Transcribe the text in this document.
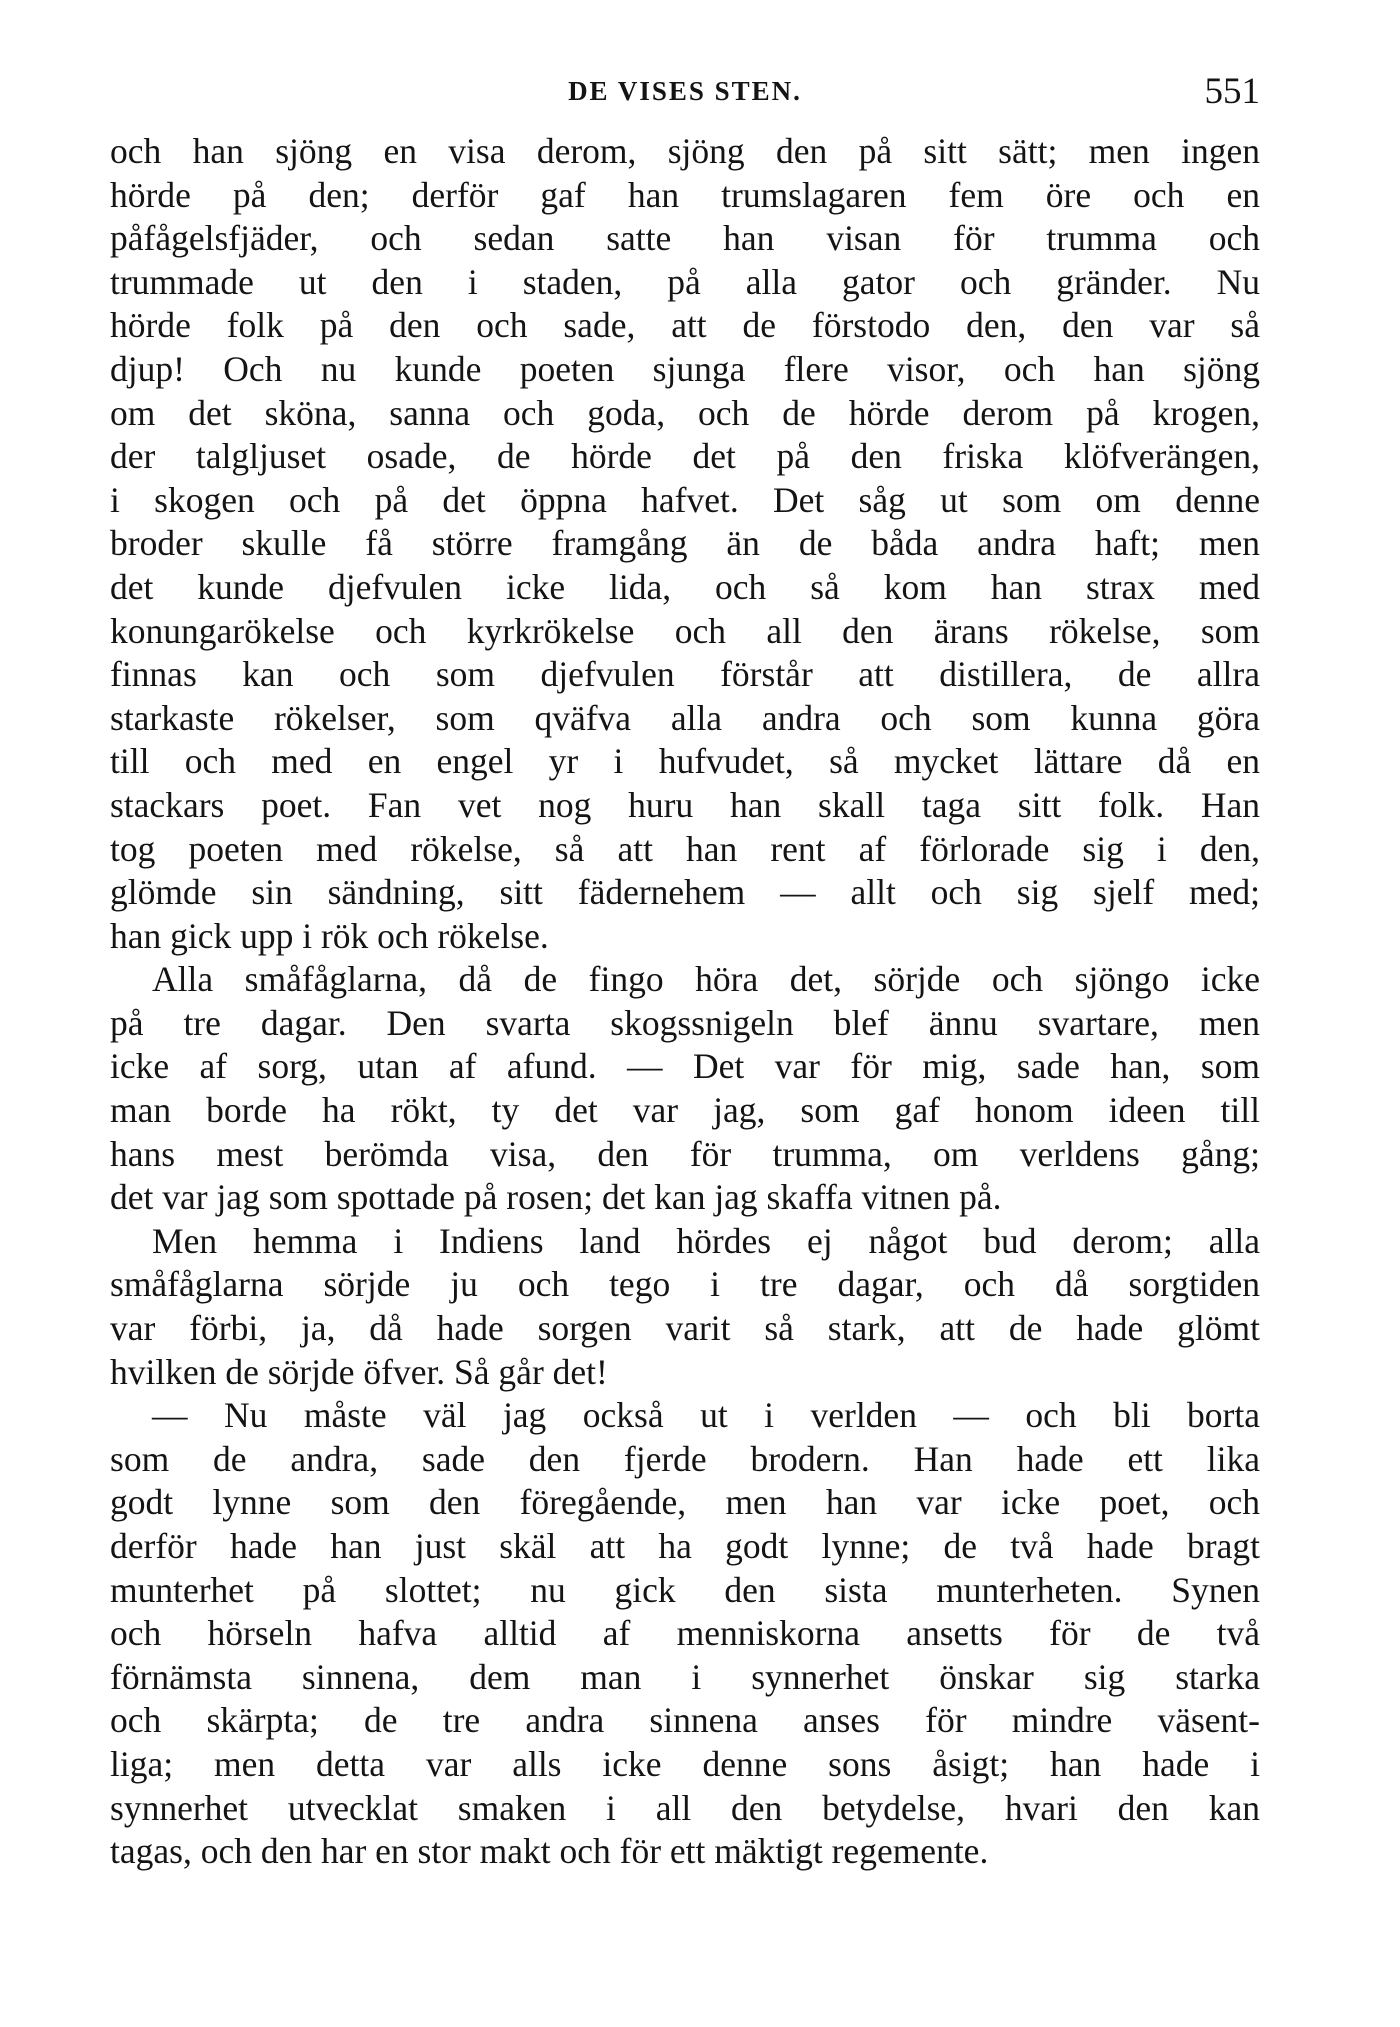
DE VISES STEN.	551
och han sjöng en visa derom, sjöng den på sitt sätt; men ingen
hörde på den; derför gaf han trumslagaren fem öre och en
påfågelsfjäder, och sedan satte han visan för trumma och
trummade ut den i staden, på alla gator och gränder. Nu
hörde folk på den och sade, att de förstodo den, den var så
djup! Och nu kunde poeten sjunga flere visor, och han sjöng
om det sköna, sanna och goda, och de hörde derom på krogen,
der talgljuset osade, de hörde det på den friska klöfverängen,
i skogen och på det öppna hafvet. Det såg ut som om denne
broder skulle få större framgång än de båda andra haft; men
det kunde djefvulen icke lida, och så kom han strax med
konungarökelse och kyrkrökelse och all den ärans rökelse, som
finnas kan och som djefvulen förstår att distillera, de allra
starkaste rökelser, som qväfva alla andra och som kunna göra
till och med en engel yr i hufvudet, så mycket lättare då en
stackars poet. Fan vet nog huru han skall taga sitt folk. Han
tog poeten med rökelse, så att han rent af förlorade sig i den,
glömde sin sändning, sitt fädernehem — allt och sig sjelf med;
han gick upp i rök och rökelse.
Alla småfåglarna, då de fingo höra det, sörjde och sjöngo icke
på tre dagar. Den svarta skogssnigeln blef ännu svartare, men
icke af sorg, utan af afund. — Det var för mig, sade han, som
man borde ha rökt, ty det var jag, som gaf honom ideen till
hans mest berömda visa, den för trumma, om verldens gång;
det var jag som spottade på rosen; det kan jag skaffa vitnen på.
Men hemma i Indiens land hördes ej något bud derom; alla
småfåglarna sörjde ju och tego i tre dagar, och då sorgtiden
var förbi, ja, då hade sorgen varit så stark, att de hade glömt
hvilken de sörjde öfver. Så går det!
— Nu måste väl jag också ut i verlden — och bli borta
som de andra, sade den fjerde brodern. Han hade ett lika
godt lynne som den föregående, men han var icke poet, och
derför hade han just skäl att ha godt lynne; de två hade bragt
munterhet på slottet; nu gick den sista munterheten. Synen
och hörseln hafva alltid af menniskorna ansetts för de två
förnämsta sinnena, dem man i synnerhet önskar sig starka
och skärpta; de tre andra sinnena anses för mindre väsent-
liga; men detta var alls icke denne sons åsigt; han hade i
synnerhet utvecklat smaken i all den betydelse, hvari den kan
tagas, och den har en stor makt och för ett mäktigt regemente.
